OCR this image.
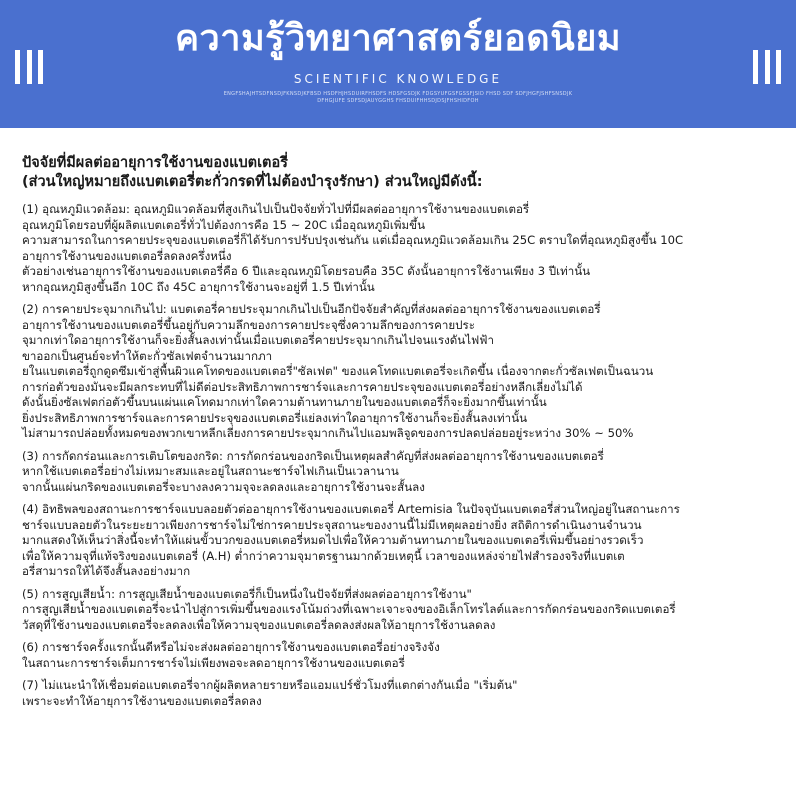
ความรู้วิทยาศาสตร์ยอดนิยม
SCIENTIFIC KNOWLEDGE
ENGFSHAJHTSDFNSDJFKNSDJKFBSD HSDFHJHSDUIRFHSDFS HDSFGSDJK FDGSYUFGSFGSSFJSID FHSD SDF SDFJHGFJSHFSNSDJK DFHGJUFE SDFSDJAUYGGHS FHSDUIFHHSDJDSJFHSHIDFOH
ปัจจัยที่มีผลต่ออายุการใช้งานของแบตเตอรี่
(ส่วนใหญ่หมายถึงแบตเตอรี่ตะกั่วกรดที่ไม่ต้องบำรุงรักษา) ส่วนใหญ่มีดังนี้:
(1) อุณหภูมิแวดล้อม: อุณหภูมิแวดล้อมที่สูงเกินไปเป็นปัจจัยทั่วไปที่มีผลต่ออายุการใช้งานของแบตเตอรี่
อุณหภูมิโดยรอบที่ผู้ผลิตแบตเตอรี่ทั่วไปต้องการคือ 15 ~ 20C เมื่ออุณหภูมิเพิ่มขึ้น
ความสามารถในการคายประจุของแบตเตอรี่ก็ได้รับการปรับปรุงเช่นกัน แต่เมื่ออุณหภูมิแวดล้อมเกิน 25C ตราบใดที่อุณหภูมิสูงขึ้น 10C
อายุการใช้งานของแบตเตอรี่ลดลงครึ่งหนึ่ง
ตัวอย่างเช่นอายุการใช้งานของแบตเตอรี่คือ 6 ปีและอุณหภูมิโดยรอบคือ 35C ดังนั้นอายุการใช้งานเพียง 3 ปีเท่านั้น
หากอุณหภูมิสูงขึ้นอีก 10C ถึง 45C อายุการใช้งานจะอยู่ที่ 1.5 ปีเท่านั้น
(2) การคายประจุมากเกินไป: แบตเตอรี่คายประจุมากเกินไปเป็นอีกปัจจัยสำคัญที่ส่งผลต่ออายุการใช้งานของแบตเตอรี่
อายุการใช้งานของแบตเตอรี่ขึ้นอยู่กับความลึกของการคายประจุซึ่งความลึกของการคายประ
จุมากเท่าใดอายุการใช้งานก็จะยิ่งสั้นลงเท่านั้นเมื่อแบตเตอรี่คายประจุมากเกินไปจนแรงดันไฟฟ้า
ขาออกเป็นศูนย์จะทำให้ตะกั่วซัลเฟตจำนวนมากภา
ยในแบตเตอรี่ถูกดูดซึมเข้าสู่พื้นผิวแคโทดของแบตเตอรี่"ซัลเฟต" ของแคโทดแบตเตอรี่จะเกิดขึ้น เนื่องจากตะกั่วซัลเฟตเป็นฉนวน
การก่อตัวของมันจะมีผลกระทบที่ไม่ดีต่อประสิทธิภาพการชาร์จและการคายประจุของแบตเตอรี่อย่างหลีกเลี่ยงไม่ได้
ดังนั้นยิ่งซัลเฟตก่อตัวขึ้นบนแผ่นแคโทดมากเท่าใดความต้านทานภายในของแบตเตอรี่ก็จะยิ่งมากขึ้นเท่านั้น
ยิ่งประสิทธิภาพการชาร์จและการคายประจุของแบตเตอรี่แย่ลงเท่าใดอายุการใช้งานก็จะยิ่งสั้นลงเท่านั้น
ไม่สามารถปล่อยทั้งหมดของพวกเขาหลีกเลี่ยงการคายประจุมากเกินไปแอมพลิจูดของการปลดปล่อยอยู่ระหว่าง 30% ~ 50%
(3) การกัดกร่อนและการเติบโตของกริด: การกัดกร่อนของกริดเป็นเหตุผลสำคัญที่ส่งผลต่ออายุการใช้งานของแบตเตอรี่
หากใช้แบตเตอรี่อย่างไม่เหมาะสมและอยู่ในสถานะชาร์จไฟเกินเป็นเวลานาน
จากนั้นแผ่นกริดของแบตเตอรี่จะบางลงความจุจะลดลงและอายุการใช้งานจะสั้นลง
(4) อิทธิพลของสถานะการชาร์จแบบลอยตัวต่ออายุการใช้งานของแบตเตอรี่ Artemisia ในปัจจุบันแบตเตอรี่ส่วนใหญ่อยู่ในสถานะการ
ชาร์จแบบลอยตัวในระยะยาวเพียงการชาร์จไม่ใช่การคายประจุสถานะของงานนี้ไม่มีเหตุผลอย่างยิ่ง สถิติการดำเนินงานจำนวน
มากแสดงให้เห็นว่าสิ่งนี้จะทำให้แผ่นขั้วบวกของแบตเตอรี่หมดไปเพื่อให้ความต้านทานภายในของแบตเตอรี่เพิ่มขึ้นอย่างรวดเร็ว
เพื่อให้ความจุที่แท้จริงของแบตเตอรี่ (A.H) ต่ำกว่าความจุมาตรฐานมากด้วยเหตุนี้ เวลาของแหล่งจ่ายไฟสำรองจริงที่แบตเต
อรี่สามารถให้ได้จึงสั้นลงอย่างมาก
(5) การสูญเสียน้ำ: การสูญเสียน้ำของแบตเตอรี่ก็เป็นหนึ่งในปัจจัยที่ส่งผลต่ออายุการใช้งาน"
การสูญเสียน้ำของแบตเตอรี่จะนำไปสู่การเพิ่มขึ้นของแรงโน้มถ่วงที่เฉพาะเจาะจงของอิเล็กโทรไลต์และการกัดกร่อนของกริดแบตเตอรี่
วัสดุที่ใช้งานของแบตเตอรี่จะลดลงเพื่อให้ความจุของแบตเตอรี่ลดลงส่งผลให้อายุการใช้งานลดลง
(6) การชาร์จครั้งแรกนั้นดีหรือไม่จะส่งผลต่ออายุการใช้งานของแบตเตอรี่อย่างจริงจัง
ในสถานะการชาร์จเต็มการชาร์จไม่เพียงพอจะลดอายุการใช้งานของแบตเตอรี่
(7) ไม่แนะนำให้เชื่อมต่อแบตเตอรี่จากผู้ผลิตหลายรายหรือแอมแปร์ชั่วโมงที่แตกต่างกันเมื่อ "เริ่มต้น"
เพราะจะทำให้อายุการใช้งานของแบตเตอรี่ลดลง
